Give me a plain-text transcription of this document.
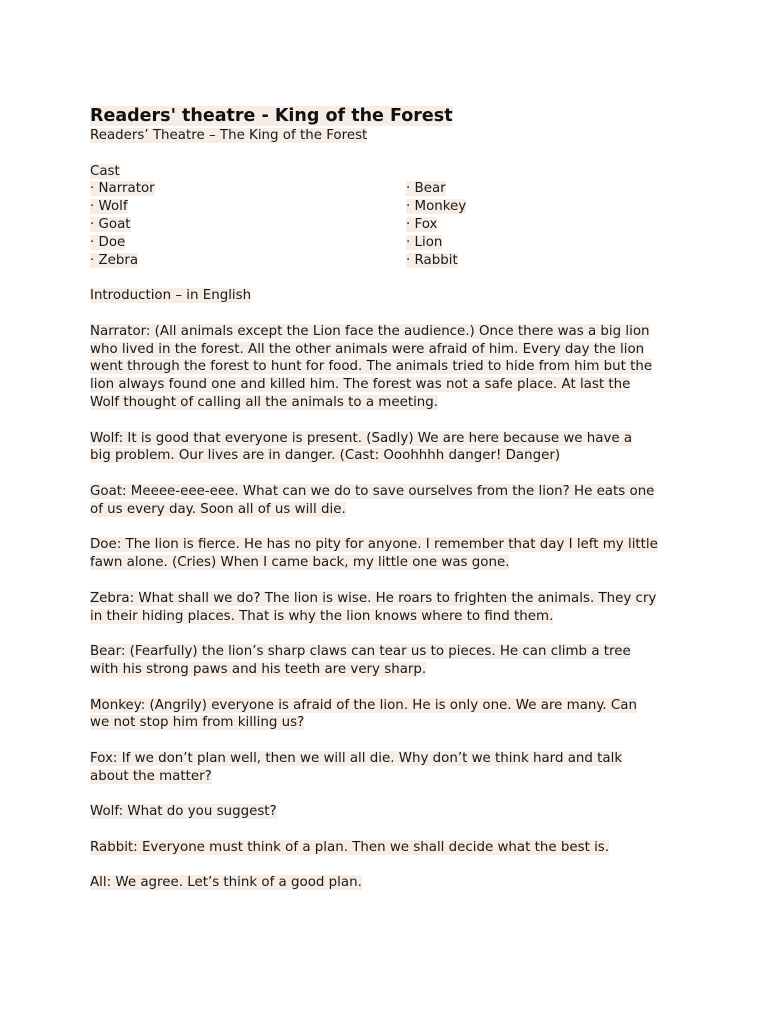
Readers' theatre - King of the Forest

Readers’ Theatre – The King of the Forest

Cast

· Narrator	· Bear

· Wolf	· Monkey

· Goat	· Fox

· Doe	· Lion

· Zebra	· Rabbit

Introduction – in English

Narrator: (All animals except the Lion face the audience.) Once there was a big lion

who lived in the forest. All the other animals were afraid of him. Every day the lion

went through the forest to hunt for food. The animals tried to hide from him but the

lion always found one and killed him. The forest was not a safe place. At last the

Wolf thought of calling all the animals to a meeting.

Wolf: It is good that everyone is present. (Sadly) We are here because we have a

big problem. Our lives are in danger. (Cast: Ooohhhh danger! Danger)

Goat: Meeee-eee-eee. What can we do to save ourselves from the lion? He eats one

of us every day. Soon all of us will die.

Doe: The lion is fierce. He has no pity for anyone. I remember that day I left my little

fawn alone. (Cries) When I came back, my little one was gone.

Zebra: What shall we do? The lion is wise. He roars to frighten the animals. They cry

in their hiding places. That is why the lion knows where to find them.

Bear: (Fearfully) the lion’s sharp claws can tear us to pieces. He can climb a tree

with his strong paws and his teeth are very sharp.

Monkey: (Angrily) everyone is afraid of the lion. He is only one. We are many. Can

we not stop him from killing us?

Fox: If we don’t plan well, then we will all die. Why don’t we think hard and talk

about the matter?

Wolf: What do you suggest?

Rabbit: Everyone must think of a plan. Then we shall decide what the best is.

All: We agree. Let’s think of a good plan.
